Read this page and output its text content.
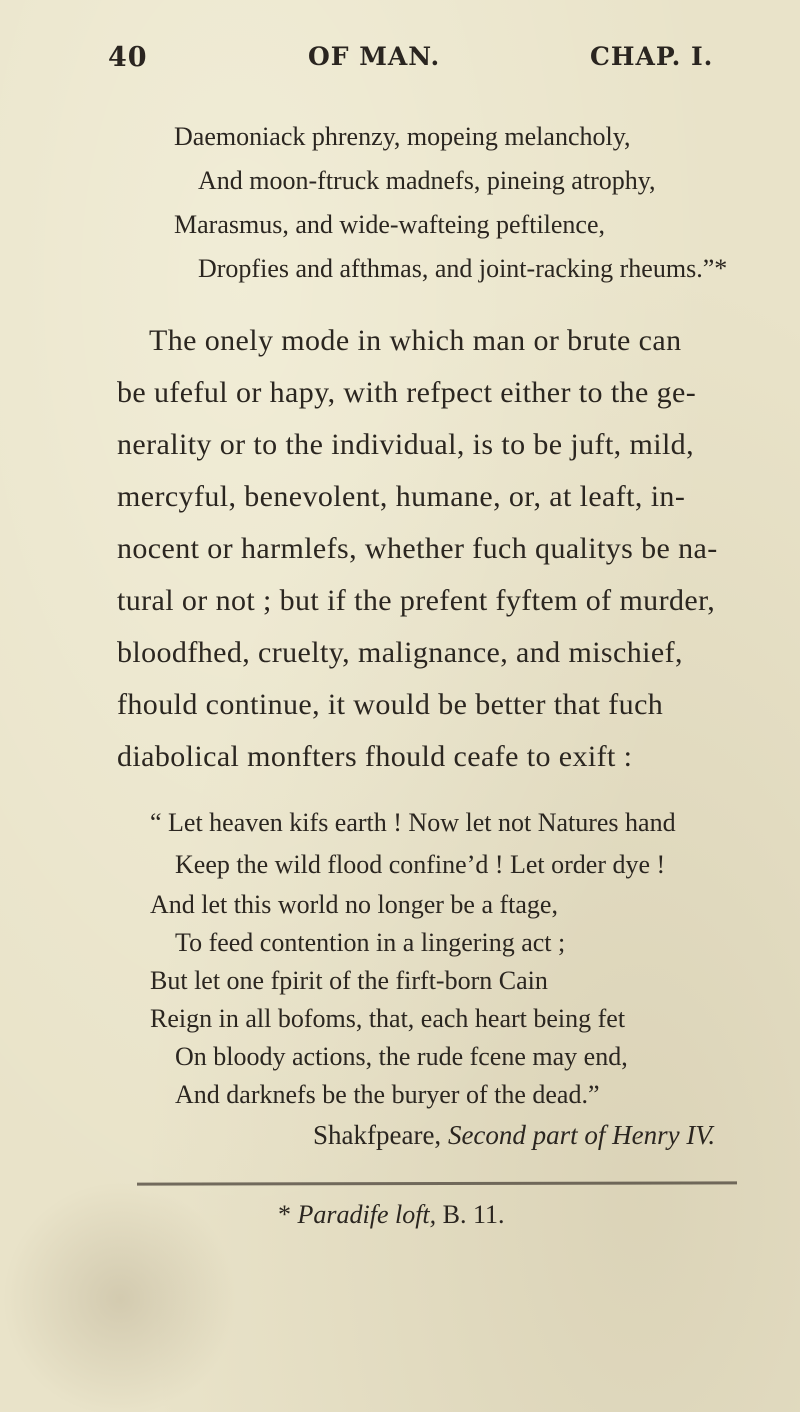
40	OF MAN.	CHAP. I.
Daemoniack phrenzy, mopeing melancholy,
And moon-ftruck madnefs, pineing atrophy,
Marasmus, and wide-wafteing peftilence,
Dropfies and afthmas, and joint-racking rheums.”*
The onely mode in which man or brute can
be ufeful or hapy, with refpect either to the ge-
nerality or to the individual, is to be juft, mild,
mercyful, benevolent, humane, or, at leaft, in-
nocent or harmlefs, whether fuch qualitys be na-
tural or not ; but if the prefent fyftem of murder,
bloodfhed, cruelty, malignance, and mischief,
fhould continue, it would be better that fuch
diabolical monfters fhould ceafe to exift :
“ Let heaven kifs earth ! Now let not Natures hand
Keep the wild flood confine’d ! Let order dye !
And let this world no longer be a ftage,
To feed contention in a lingering act ;
But let one fpirit of the firft-born Cain
Reign in all bofoms, that, each heart being fet
On bloody actions, the rude fcene may end,
And darknefs be the buryer of the dead.”
Shakfpeare, Second part of Henry IV.
* Paradife loft, B. 11.
